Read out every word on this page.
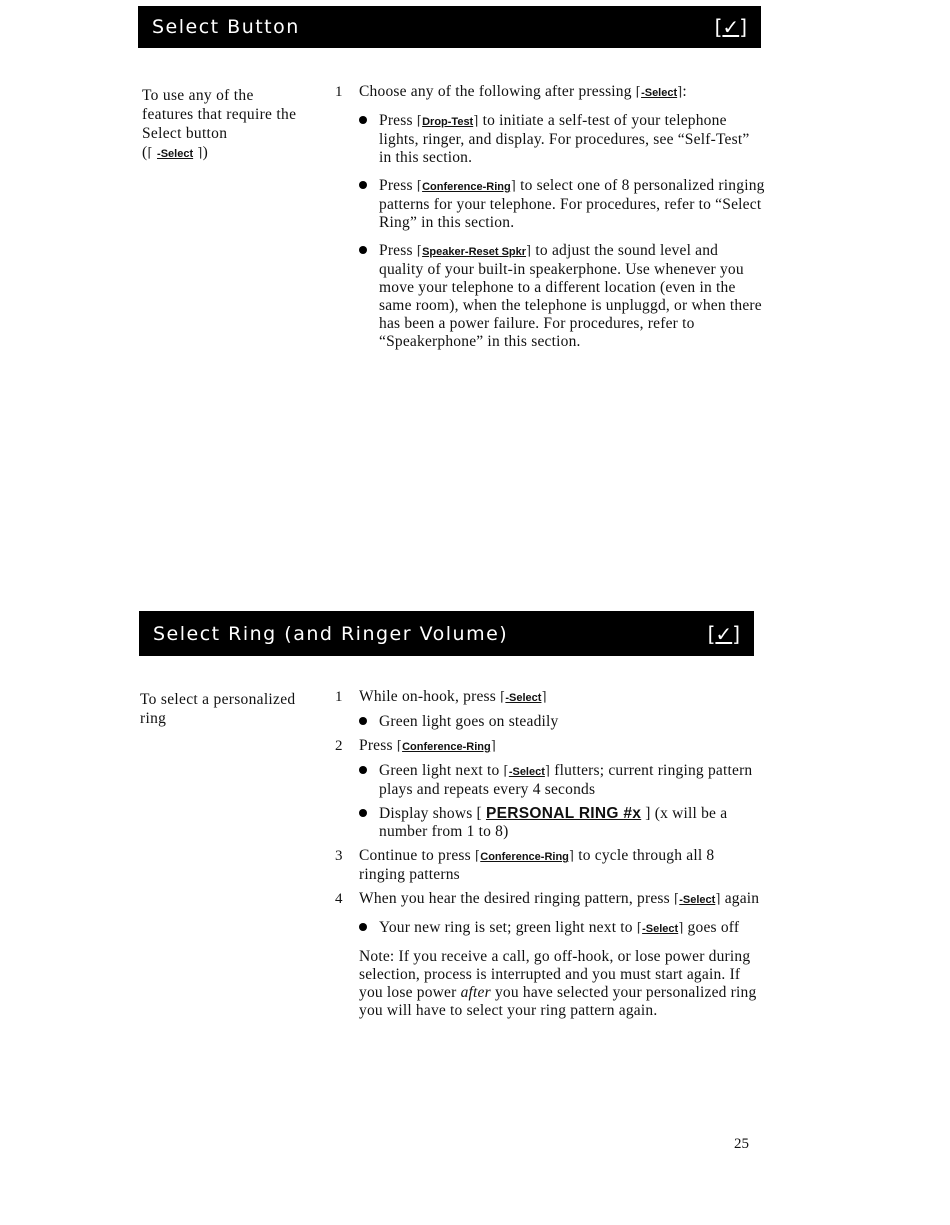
Select Button	[✓]
To use any of the features that require the Select button
(⌈ -Select ⌉)
1 Choose any of the following after pressing ⌈-Select⌉:
Press ⌈Drop-Test⌉ to initiate a self-test of your telephone lights, ringer, and display. For procedures, see “Self-Test” in this section.
Press ⌈Conference-Ring⌉ to select one of 8 personalized ringing patterns for your telephone. For procedures, refer to “Select Ring” in this section.
Press ⌈Speaker-Reset Spkr⌉ to adjust the sound level and quality of your built-in speakerphone. Use whenever you move your telephone to a different location (even in the same room), when the telephone is unpluggd, or when there has been a power failure. For procedures, refer to “Speakerphone” in this section.
Select Ring (and Ringer Volume)	[✓]
To select a personalized ring
1 While on-hook, press ⌈-Select⌉
Green light goes on steadily
2 Press ⌈Conference-Ring⌉
Green light next to ⌈-Select⌉ flutters; current ringing pattern plays and repeats every 4 seconds
Display shows [ PERSONAL RING #x ] (x will be a number from 1 to 8)
3 Continue to press ⌈Conference-Ring⌉ to cycle through all 8 ringing patterns
4 When you hear the desired ringing pattern, press ⌈-Select⌉ again
Your new ring is set; green light next to ⌈-Select⌉ goes off
Note: If you receive a call, go off-hook, or lose power during selection, process is interrupted and you must start again. If you lose power after you have selected your personalized ring you will have to select your ring pattern again.
25
